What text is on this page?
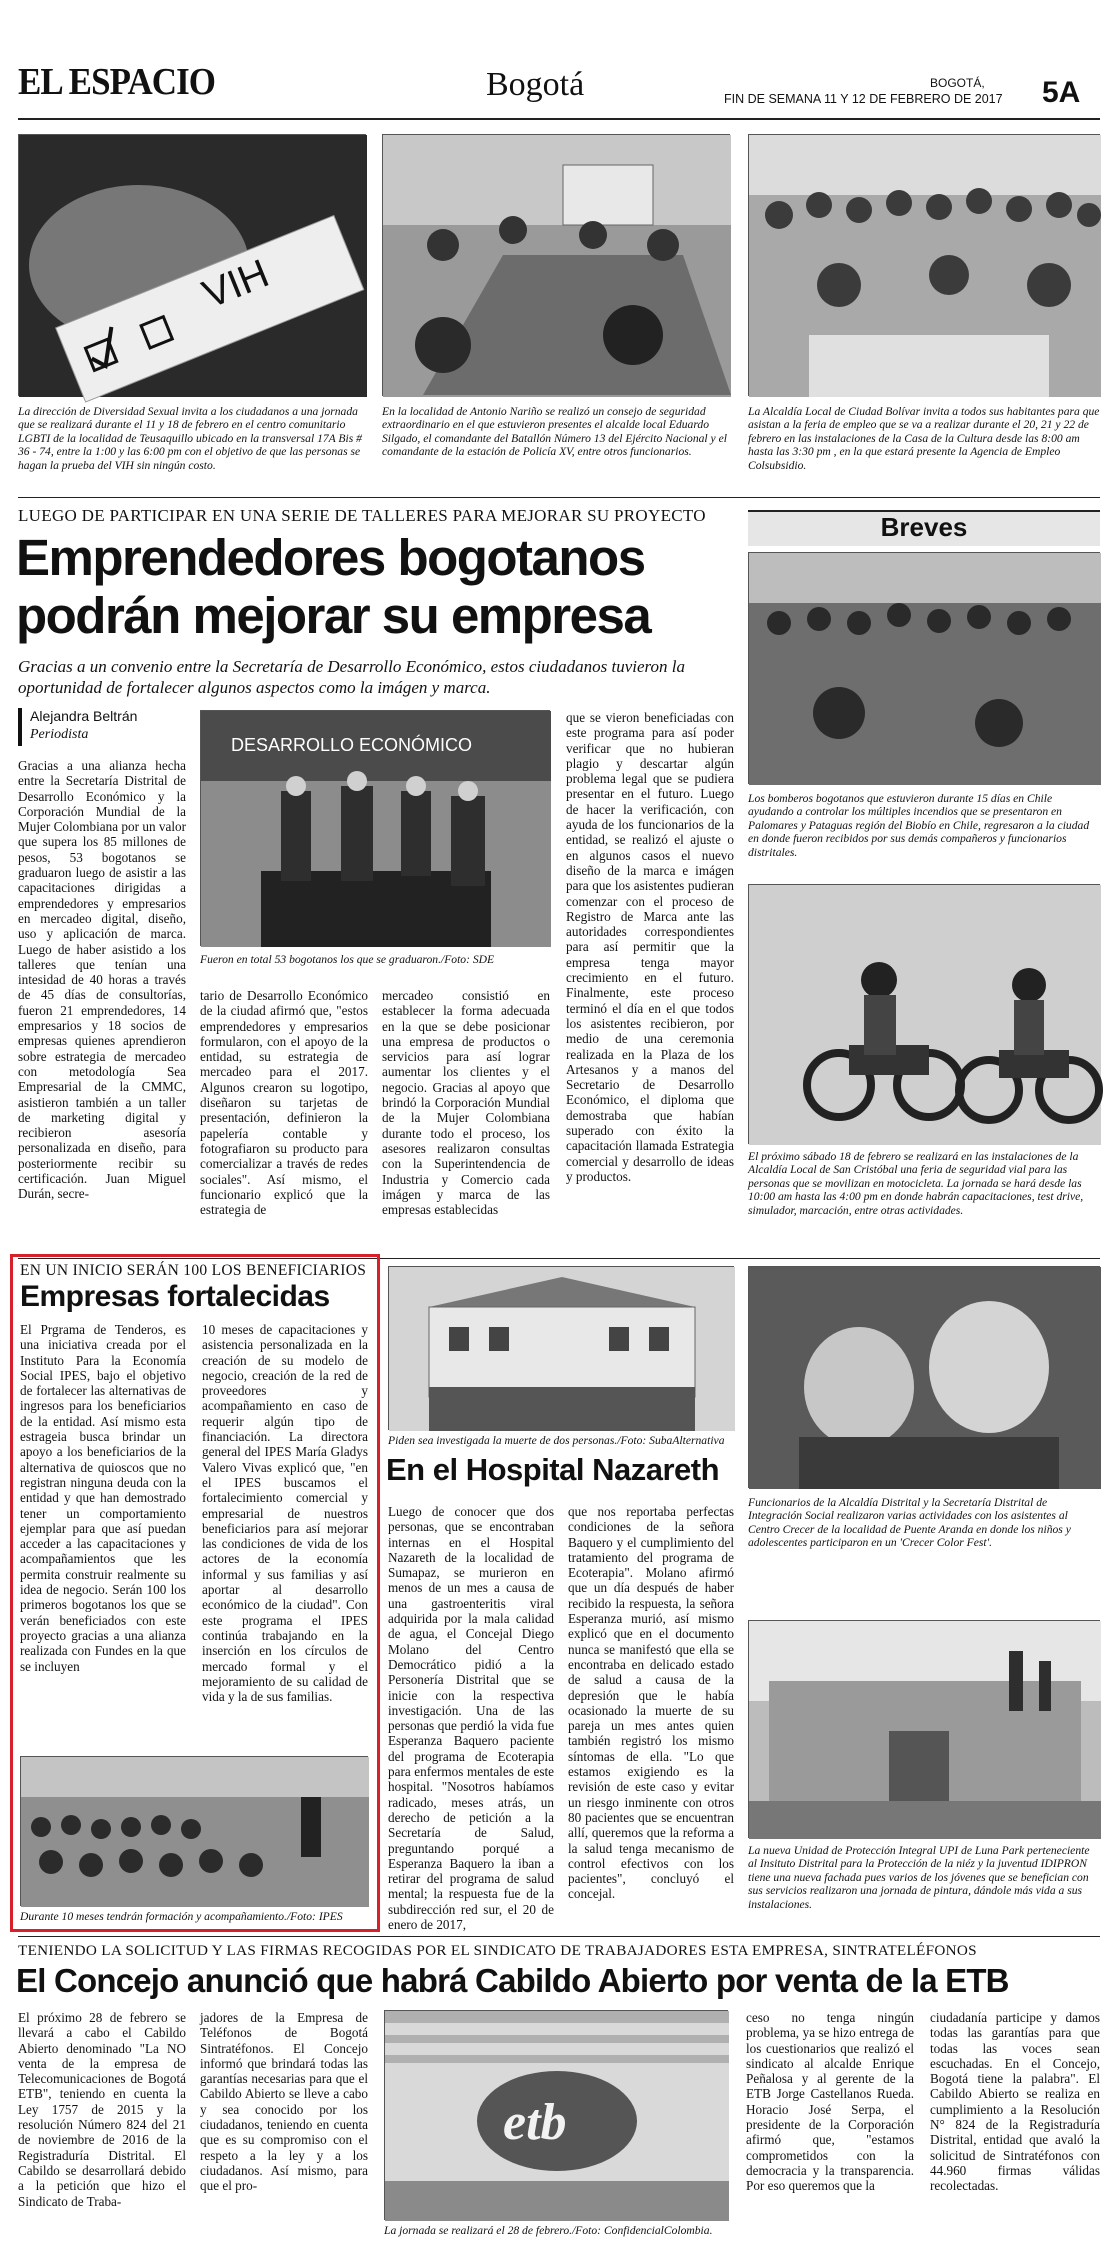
EL ESPACIO	Bogotá	BOGOTÁ,
FIN DE SEMANA 11 Y 12 DE FEBRERO DE 2017 5A
VIH
La dirección de Diversidad Sexual invita a los ciudadanos a una jornada que se realizará durante el 11 y 18 de febrero en el centro comunitario LGBTI de la localidad de Teusaquillo ubicado en la transversal 17A Bis # 36 - 74, entre la 1:00 y las 6:00 pm con el objetivo de que las personas se hagan la prueba del VIH sin ningún costo.
En la localidad de Antonio Nariño se realizó un consejo de seguridad extraordinario en el que estuvieron presentes el alcalde local Eduardo Silgado, el comandante del Batallón Número 13 del Ejército Nacional y el comandante de la estación de Policía XV, entre otros funcionarios.
La Alcaldía Local de Ciudad Bolívar invita a todos sus habitantes para que asistan a la feria de empleo que se va a realizar durante el 20, 21 y 22 de febrero en las instalaciones de la Casa de la Cultura desde las 8:00 am hasta las 3:30 pm , en la que estará presente la Agencia de Empleo Colsubsidio.
LUEGO DE PARTICIPAR EN UNA SERIE DE TALLERES PARA MEJORAR SU PROYECTO
Emprendedores bogotanos
podrán mejorar su empresa
Gracias a un convenio entre la Secretaría de Desarrollo Económico, estos ciudadanos tuvieron la oportunidad de fortalecer algunos aspectos como la imágen y marca.
Alejandra Beltrán
Periodista
Gracias a una alianza hecha entre la Secretaría Distrital de Desarrollo Económico y la Corporación Mundial de la Mujer Colombiana por un valor que supera los 85 millones de pesos, 53 bogotanos se graduaron luego de asistir a las capacitaciones dirigidas a emprendedores y empresarios en mercadeo digital, diseño, uso y aplicación de marca. Luego de haber asistido a los talleres que tenían una intesidad de 40 horas a través de 45 días de consultorías, fueron 21 emprendedores, 14 empresarios y 18 socios de empresas quienes aprendieron sobre estrategia de mercadeo con metodología Sea Empresarial de la CMMC, asistieron también a un taller de marketing digital y recibieron asesoría personalizada en diseño, para posteriormente recibir su certificación. Juan Miguel Durán, secre-
DESARROLLO ECONÓMICO
Fueron en total 53 bogotanos los que se graduaron./Foto: SDE
tario de Desarrollo Económico de la ciudad afirmó que, "estos emprendedores y empresarios formularon, con el apoyo de la entidad, su estrategia de mercadeo para el 2017. Algunos crearon su logotipo, diseñaron su tarjetas de presentación, definieron la papelería contable y fotografiaron su producto para comercializar a través de redes sociales". Así mismo, el funcionario explicó que la estrategia de
mercadeo consistió en establecer la forma adecuada en la que se debe posicionar una empresa de productos o servicios para así lograr aumentar los clientes y el negocio. Gracias al apoyo que brindó la Corporación Mundial de la Mujer Colombiana durante todo el proceso, los asesores realizaron consultas con la Superintendencia de Industria y Comercio cada imágen y marca de las empresas establecidas
que se vieron beneficiadas con este programa para así poder verificar que no hubieran plagio y descartar algún problema legal que se pudiera presentar en el futuro. Luego de hacer la verificación, con ayuda de los funcionarios de la entidad, se realizó el ajuste o en algunos casos el nuevo diseño de la marca e imágen para que los asistentes pudieran comenzar con el proceso de Registro de Marca ante las autoridades correspondientes para así permitir que la empresa tenga mayor crecimiento en el futuro. Finalmente, este proceso terminó el día en el que todos los asistentes recibieron, por medio de una ceremonia realizada en la Plaza de los Artesanos y a manos del Secretario de Desarrollo Económico, el diploma que demostraba que habían superado con éxito la capacitación llamada Estrategia comercial y desarrollo de ideas y productos.
Breves
Los bomberos bogotanos que estuvieron durante 15 días en Chile ayudando a controlar los múltiples incendios que se presentaron en Palomares y Pataguas región del Biobío en Chile, regresaron a la ciudad en donde fueron recibidos por sus demás compañeros y funcionarios distritales.
El próximo sábado 18 de febrero se realizará en las instalaciones de la Alcaldía Local de San Cristóbal una feria de seguridad vial para las personas que se movilizan en motocicleta. La jornada se hará desde las 10:00 am hasta las 4:00 pm en donde habrán capacitaciones, test drive, simulador, marcación, entre otras actividades.
EN UN INICIO SERÁN 100 LOS BENEFICIARIOS
Empresas fortalecidas
El Prgrama de Tenderos, es una iniciativa creada por el Instituto Para la Economía Social IPES, bajo el objetivo de fortalecer las alternativas de ingresos para los beneficiarios de la entidad. Así mismo esta estrageia busca brindar un apoyo a los beneficiarios de la alternativa de quioscos que no registran ninguna deuda con la entidad y que han demostrado tener un comportamiento ejemplar para que así puedan acceder a las capacitaciones y acompañamientos que les permita construir realmente su idea de negocio. Serán 100 los primeros bogotanos los que se verán beneficiados con este proyecto gracias a una alianza realizada con Fundes en la que se incluyen
10 meses de capacitaciones y asistencia personalizada en la creación de su modelo de negocio, creación de la red de proveedores y acompañamiento en caso de requerir algún tipo de financiación. La directora general del IPES María Gladys Valero Vivas explicó que, "en el IPES buscamos el fortalecimiento comercial y empresarial de nuestros beneficiarios para así mejorar las condiciones de vida de los actores de la economía informal y sus familias y así aportar al desarrollo económico de la ciudad". Con este programa el IPES continúa trabajando en la inserción en los círculos de mercado formal y el mejoramiento de su calidad de vida y la de sus familias.
Durante 10 meses tendrán formación y acompañamiento./Foto: IPES
Piden sea investigada la muerte de dos personas./Foto: SubaAlternativa
En el Hospital Nazareth
Luego de conocer que dos personas, que se encontraban internas en el Hospital Nazareth de la localidad de Sumapaz, se murieron en menos de un mes a causa de una gastroenteritis viral adquirida por la mala calidad de agua, el Concejal Diego Molano del Centro Democrático pidió a la Personería Distrital que se inicie con la respectiva investigación. Una de las personas que perdió la vida fue Esperanza Baquero paciente del programa de Ecoterapia para enfermos mentales de este hospital. "Nosotros habíamos radicado, meses atrás, un derecho de petición a la Secretaría de Salud, preguntando porqué a Esperanza Baquero la iban a retirar del programa de salud mental; la respuesta fue de la subdirección red sur, el 20 de enero de 2017,
que nos reportaba perfectas condiciones de la señora Baquero y el cumplimiento del tratamiento del programa de Ecoterapia". Molano afirmó que un día después de haber recibido la respuesta, la señora Esperanza murió, así mismo explicó que en el documento nunca se manifestó que ella se encontraba en delicado estado de salud a causa de la depresión que le había ocasionado la muerte de su pareja un mes antes quien también registró los mismo síntomas de ella. "Lo que estamos exigiendo es la revisión de este caso y evitar un riesgo inminente con otros 80 pacientes que se encuentran allí, queremos que la reforma a la salud tenga mecanismo de control efectivos con los pacientes", concluyó el concejal.
Funcionarios de la Alcaldía Distrital y la Secretaría Distrital de Integración Social realizaron varias actividades con los asistentes al Centro Crecer de la localidad de Puente Aranda en donde los niños y adolescentes participaron en un 'Crecer Color Fest'.
La nueva Unidad de Protección Integral UPI de Luna Park perteneciente al Insituto Distrital para la Protección de la niéz y la juventud IDIPRON tiene una nueva fachada pues varios de los jóvenes que se benefician con sus servicios realizaron una jornada de pintura, dándole más vida a sus instalaciones.
TENIENDO LA SOLICITUD Y LAS FIRMAS RECOGIDAS POR EL SINDICATO DE TRABAJADORES ESTA EMPRESA, SINTRATELÉFONOS
El Concejo anunció que habrá Cabildo Abierto por venta de la ETB
El próximo 28 de febrero se llevará a cabo el Cabildo Abierto denominado "La NO venta de la empresa de Telecomunicaciones de Bogotá ETB", teniendo en cuenta la Ley 1757 de 2015 y la resolución Número 824 del 21 de noviembre de 2016 de la Registraduría Distrital. El Cabildo se desarrollará debido a la petición que hizo el Sindicato de Traba-
jadores de la Empresa de Teléfonos de Bogotá Sintratéfonos. El Concejo informó que brindará todas las garantías necesarias para que el Cabildo Abierto se lleve a cabo y sea conocido por los ciudadanos, teniendo en cuenta que es su compromiso con el respeto a la ley y a los ciudadanos. Así mismo, para que el pro-
etb
La jornada se realizará el 28 de febrero./Foto: ConfidencialColombia.
ceso no tenga ningún problema, ya se hizo entrega de los cuestionarios que realizó el sindicato al alcalde Enrique Peñalosa y al gerente de la ETB Jorge Castellanos Rueda. Horacio José Serpa, el presidente de la Corporación afirmó que, "estamos comprometidos con la democracia y la transparencia. Por eso queremos que la
ciudadanía participe y damos todas las garantías para que todas las voces sean escuchadas. En el Concejo, Bogotá tiene la palabra". El Cabildo Abierto se realiza en cumplimiento a la Resolución N° 824 de la Registraduría Distrital, entidad que avaló la solicitud de Sintratéfonos con 44.960 firmas válidas recolectadas.
